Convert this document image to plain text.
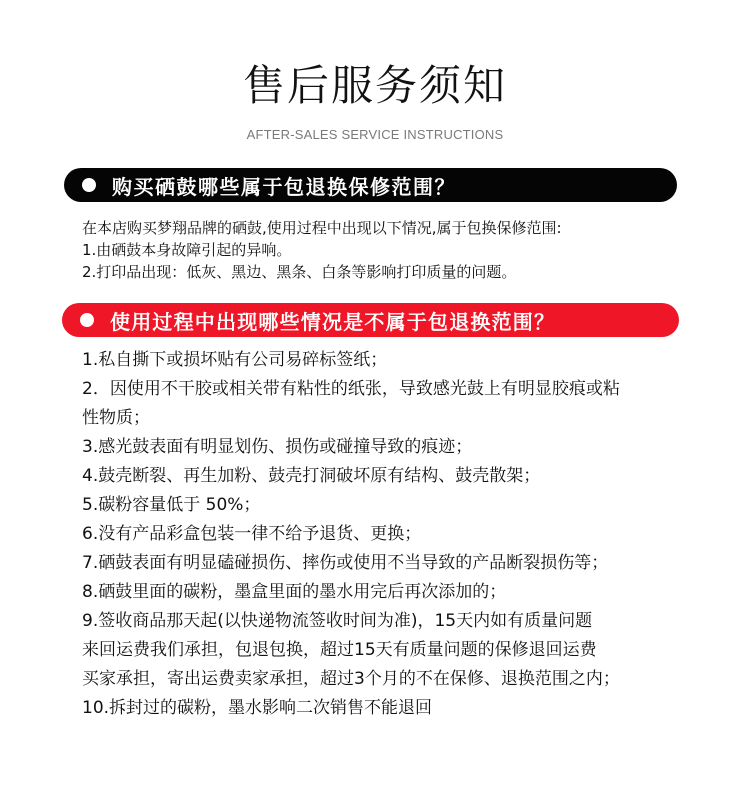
售后服务须知
AFTER-SALES SERVICE INSTRUCTIONS
购买硒鼓哪些属于包退换保修范围？
在本店购买梦翔品牌的硒鼓,使用过程中出现以下情况,属于包换保修范围:
1.由硒鼓本身故障引起的异响。
2.打印品出现：低灰、黑边、黑条、白条等影响打印质量的问题。
使用过程中出现哪些情况是不属于包退换范围？
1.私自撕下或损坏贴有公司易碎标签纸；
2．因使用不干胶或相关带有粘性的纸张，导致感光鼓上有明显胶痕或粘
性物质；
3.感光鼓表面有明显划伤、损伤或碰撞导致的痕迹；
4.鼓壳断裂、再生加粉、鼓壳打洞破坏原有结构、鼓壳散架；
5.碳粉容量低于 50%；
6.没有产品彩盒包装一律不给予退货、更换；
7.硒鼓表面有明显磕碰损伤、摔伤或使用不当导致的产品断裂损伤等；
8.硒鼓里面的碳粉，墨盒里面的墨水用完后再次添加的；
9.签收商品那天起(以快递物流签收时间为准)，15天内如有质量问题
来回运费我们承担，包退包换，超过15天有质量问题的保修退回运费
买家承担，寄出运费卖家承担，超过3个月的不在保修、退换范围之内；
10.拆封过的碳粉，墨水影响二次销售不能退回
